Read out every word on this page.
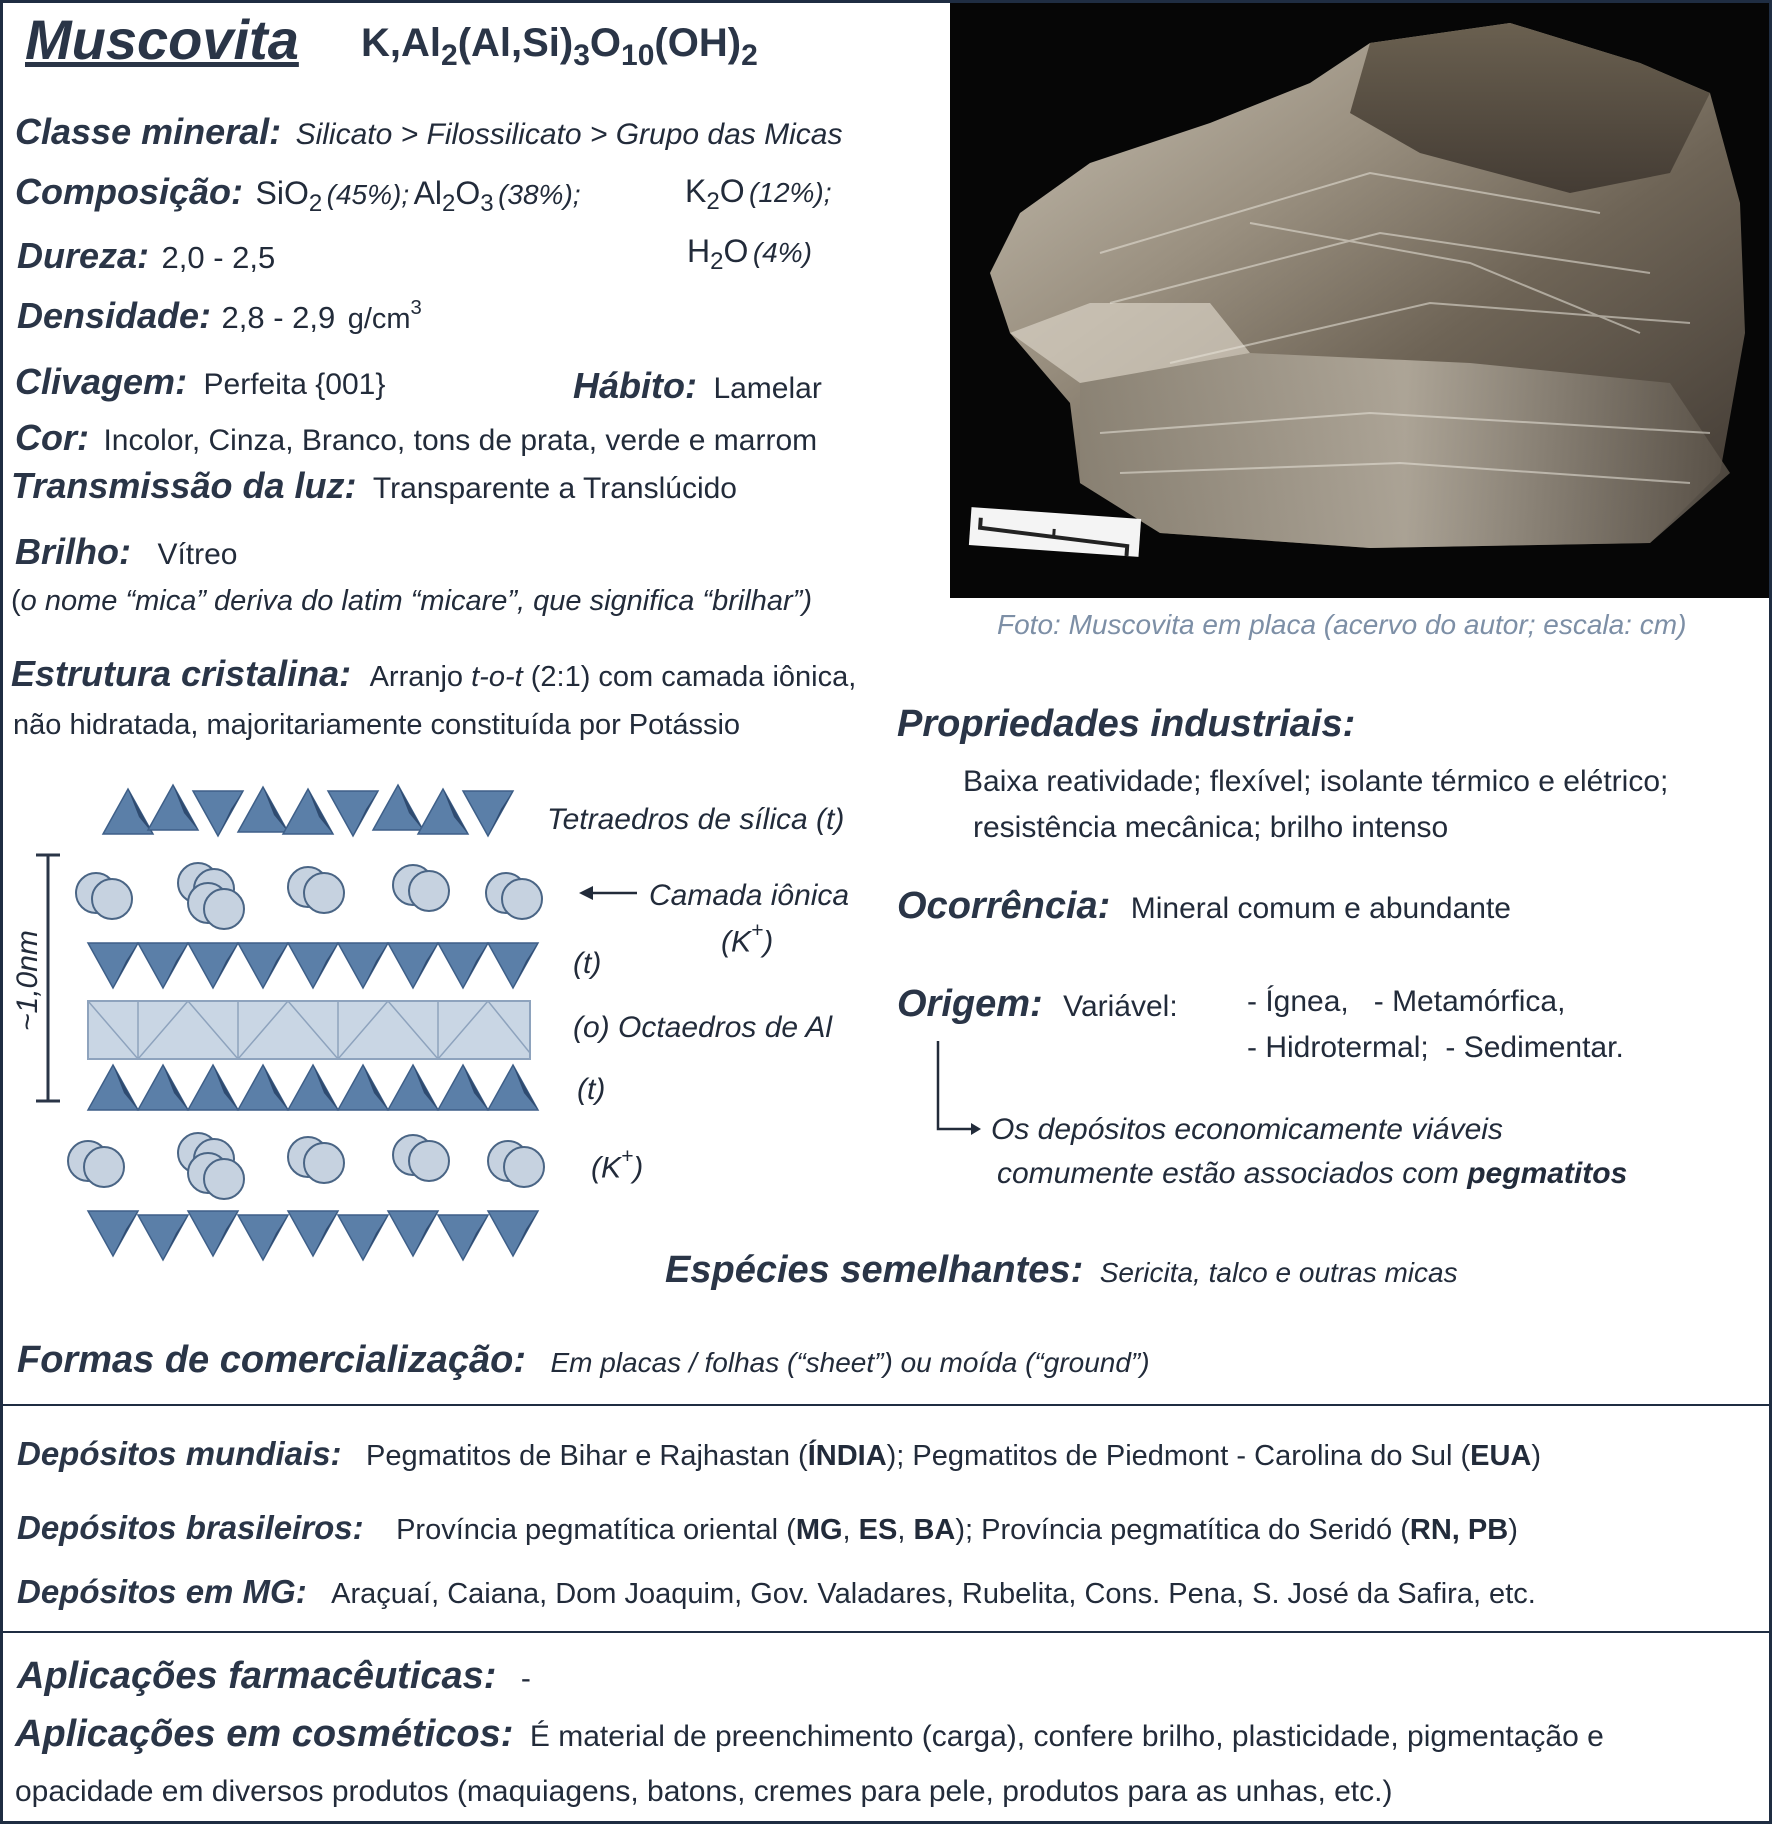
Muscovita $K,Al_2(Al,Si)_3O_{10}(OH)_2$
Classe mineral: Silicato > Filossilicato > Grupo das Micas
Composição: SiO$_2$ (45%); $Al_2O_3$ (38%);	$K_2O$ (12%);
$H_2O$ (4%)
Dureza: 2,0 - 2,5
Densidade: 2,8 - 2,9 $g/cm^3$
Clivagem: Perfeita {001}	Hábito: Lamelar
Cor: Incolor, Cinza, Branco, tons de prata, verde e marrom
Transmissão da luz: Transparente a Translúcido
Brilho: Vítreo
(o nome “mica” deriva do latim “micare”, que significa “brilhar”)
Foto: Muscovita em placa (acervo do autor; escala: cm)
Estrutura cristalina: Arranjo t-o-t (2:1) com camada iônica,
não hidratada, majoritariamente constituída por Potássio
~1,0nm
Tetraedros de sílica (t)
Camada iônica
(K+)
(t)
(o) Octaedros de Al
(t)
(K+)
Propriedades industriais:
Baixa reatividade; flexível; isolante térmico e elétrico;
resistência mecânica; brilho intenso
Ocorrência: Mineral comum e abundante
Origem: Variável: - Ígnea,   - Metamórfica,
- Hidrotermal;  - Sedimentar.
Os depósitos economicamente viáveis
comumente estão associados com pegmatitos
Espécies semelhantes: Sericita, talco e outras micas
Formas de comercialização: Em placas / folhas (“sheet”) ou moída (“ground”)
Depósitos mundiais: Pegmatitos de Bihar e Rajhastan (ÍNDIA); Pegmatitos de Piedmont - Carolina do Sul (EUA)
Depósitos brasileiros: Província pegmatítica oriental (MG, ES, BA); Província pegmatítica do Seridó (RN, PB)
Depósitos em MG: Araçuaí, Caiana, Dom Joaquim, Gov. Valadares, Rubelita, Cons. Pena, S. José da Safira, etc.
Aplicações farmacêuticas: -
Aplicações em cosméticos: É material de preenchimento (carga), confere brilho, plasticidade, pigmentação e
opacidade em diversos produtos (maquiagens, batons, cremes para pele, produtos para as unhas, etc.)
